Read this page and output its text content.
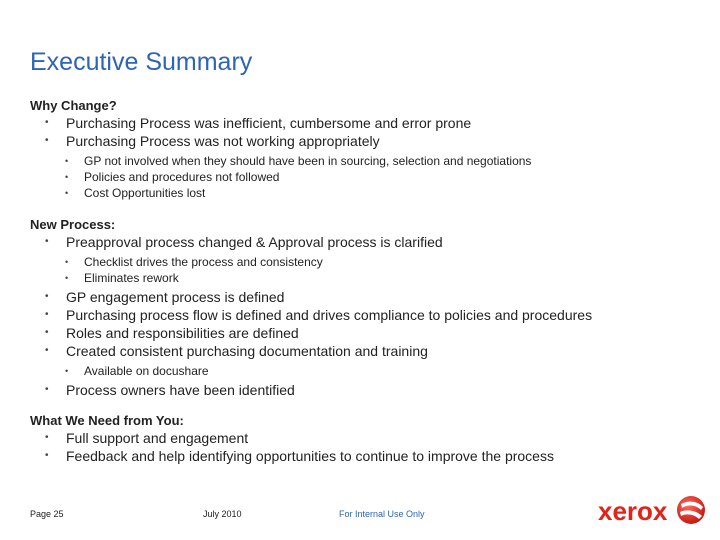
Executive Summary
Why Change?
• Purchasing Process was inefficient, cumbersome and error prone
• Purchasing Process was not working appropriately
• GP not involved when they should have been in sourcing, selection and negotiations
• Policies and procedures not followed
• Cost Opportunities lost
New Process:
• Preapproval process changed & Approval process is clarified
• Checklist drives the process and consistency
• Eliminates rework
• GP engagement process is defined
• Purchasing process flow is defined and drives compliance to policies and procedures
• Roles and responsibilities are defined
• Created consistent purchasing documentation and training
• Available on docushare
• Process owners have been identified
What We Need from You:
• Full support and engagement
• Feedback and help identifying opportunities to continue to improve the process
Page 25	July 2010	For Internal Use Only	xerox
